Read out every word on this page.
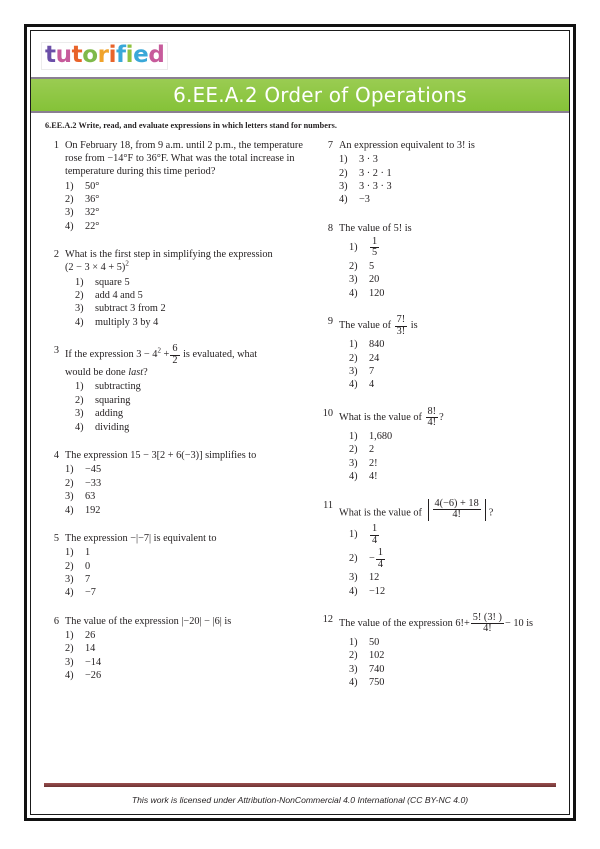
tutorified
6.EE.A.2 Order of Operations
6.EE.A.2 Write, read, and evaluate expressions in which letters stand for numbers.
1 On February 18, from 9 a.m. until 2 p.m., the temperature rose from −14°F to 36°F. What was the total increase in temperature during this time period?
1)	50°
2)	36°
3)	32°
4)	22°
2 What is the first step in simplifying the expression
$(2 - 3 \times 4 + 5)^2$
1)	square 5
2)	add 4 and 5
3)	subtract 3 from 2
4)	multiply 3 by 4
3 If the expression $3 - 4^2 + \frac{6}{2}$ is evaluated, what
would be done last?
1)	subtracting
2)	squaring
3)	adding
4)	dividing
4 The expression 15 − 3[2 + 6(−3)] simplifies to
1)	−45
2)	−33
3)	63
4)	192
5 The expression −|−7| is equivalent to
1)	1
2)	0
3)	7
4)	−7
6 The value of the expression |−20| − |6| is
1)	26
2)	14
3)	−14
4)	−26
7 An expression equivalent to 3! is
1)	3 · 3
2)	3 · 2 · 1
3)	3 · 3 · 3
4)	−3
8 The value of 5! is
1)	$\frac{1}{5}$
2)	5
3)	20
4)	120
9 The value of $\frac{7!}{3!}$ is
1)	840
2)	24
3)	7
4)	4
10 What is the value of $\frac{8!}{4!}$ ?
1)	1,680
2)	2
3)	2!
4)	4!
11
What is the value of $\frac{4(-6) + 18}{4!}$ ?
1)	$\frac{1}{4}$
2)	− $\frac{1}{4}$
3)	12
4)	−12
12 The value of the expression $6!+ \frac{5! (3! )}{4!} - 10$ is
1)	50
2)	102
3)	740
4)	750
This work is licensed under Attribution-NonCommercial 4.0 International (CC BY-NC 4.0)
